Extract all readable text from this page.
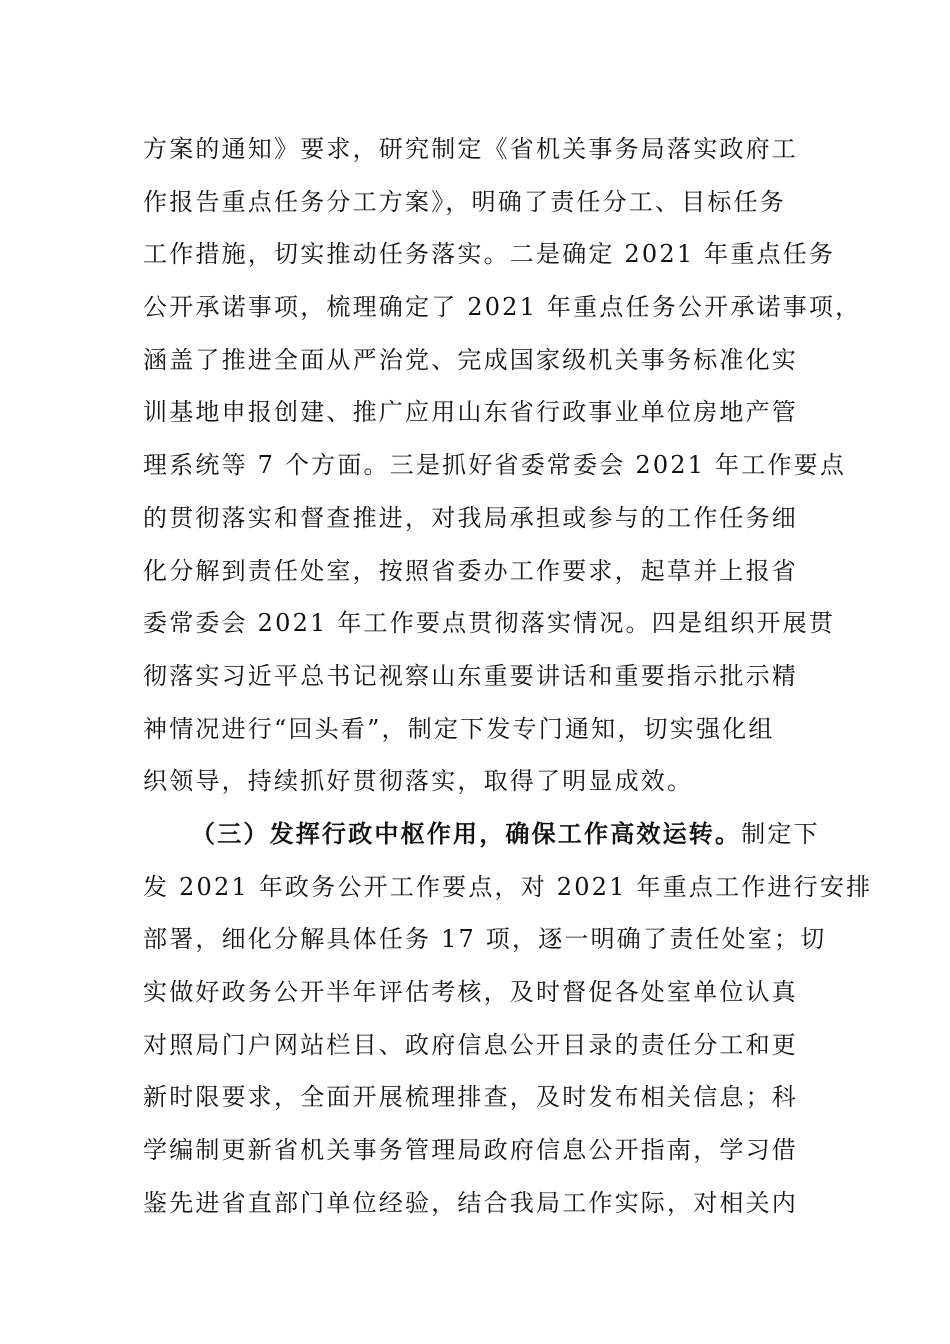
方案的通知》要求，研究制定《省机关事务局落实政府工
作报告重点任务分工方案》，明确了责任分工、目标任务
工作措施，切实推动任务落实。二是确定 2021 年重点任务
公开承诺事项，梳理确定了 2021 年重点任务公开承诺事项，
涵盖了推进全面从严治党、完成国家级机关事务标准化实
训基地申报创建、推广应用山东省行政事业单位房地产管
理系统等 7 个方面。三是抓好省委常委会 2021 年工作要点
的贯彻落实和督查推进，对我局承担或参与的工作任务细
化分解到责任处室，按照省委办工作要求，起草并上报省
委常委会 2021 年工作要点贯彻落实情况。四是组织开展贯
彻落实习近平总书记视察山东重要讲话和重要指示批示精
神情况进行“回头看”，制定下发专门通知，切实强化组
织领导，持续抓好贯彻落实，取得了明显成效。
（三）发挥行政中枢作用，确保工作高效运转。制定下
发 2021 年政务公开工作要点，对 2021 年重点工作进行安排
部署，细化分解具体任务 17 项，逐一明确了责任处室；切
实做好政务公开半年评估考核，及时督促各处室单位认真
对照局门户网站栏目、政府信息公开目录的责任分工和更
新时限要求，全面开展梳理排查，及时发布相关信息；科
学编制更新省机关事务管理局政府信息公开指南，学习借
鉴先进省直部门单位经验，结合我局工作实际，对相关内
